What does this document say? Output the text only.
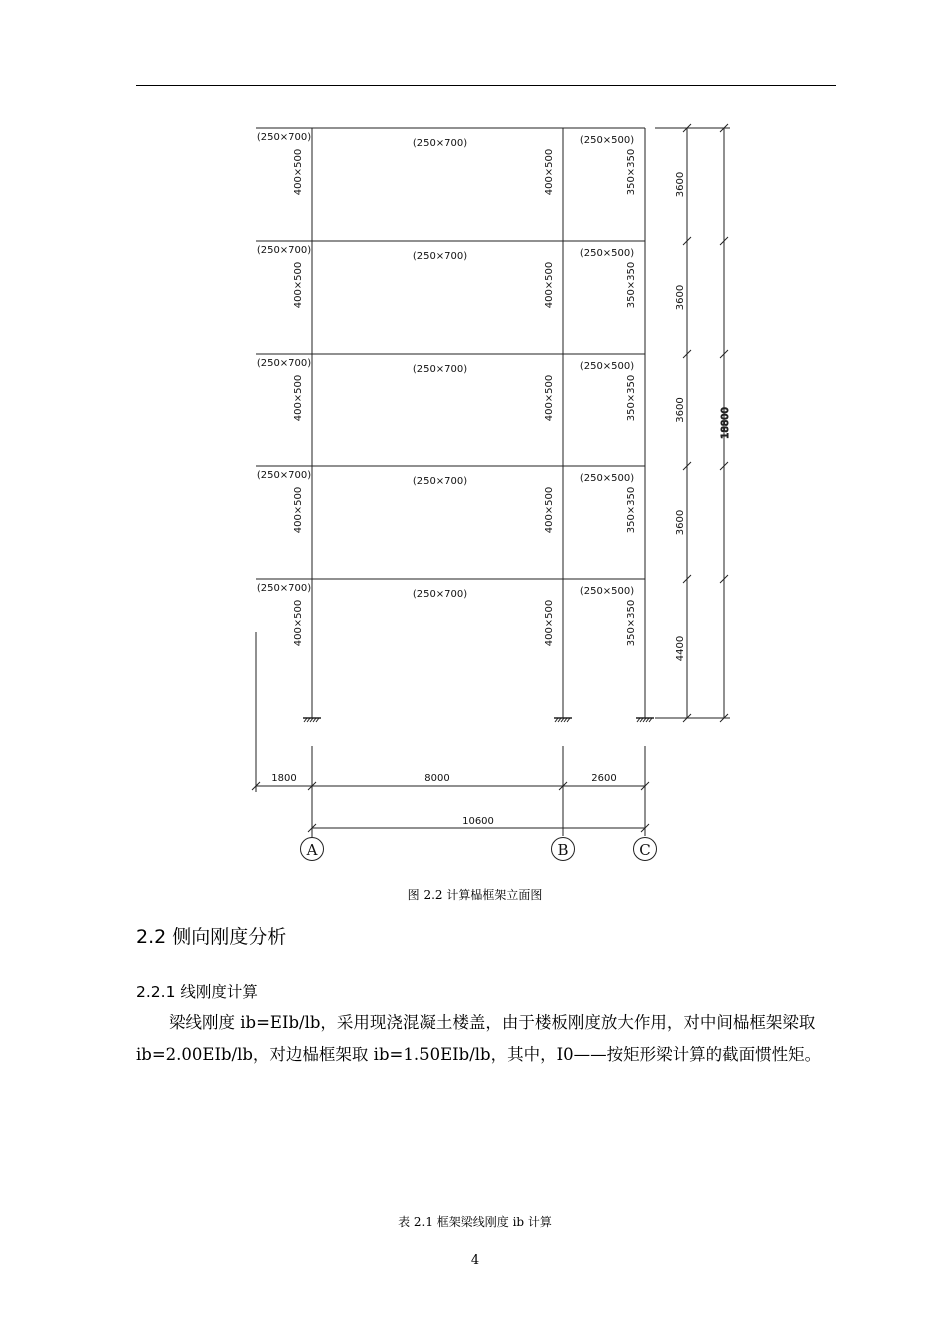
(250×700)
(250×700)	(250×500)
400×500	400×500	350×350
(250×700)
(250×700)	(250×500)
400×500	400×500	350×350
(250×700)
(250×700)	(250×500)
400×500	400×500	350×350
(250×700)
(250×700)	(250×500)
400×500	400×500	350×350
(250×700)
(250×700)	(250×500)
400×500	400×500	350×350
18800
3600
3600
3600
3600
4400
1800	8000	2600
10600
A	B	C
图 2.2 计算榀框架立面图
2.2 侧向刚度分析
2.2.1 线刚度计算
梁线刚度 ib=EIb/lb，采用现浇混凝土楼盖，由于楼板刚度放大作用，对中间榀框架梁取 ib=2.00EIb/lb，对边榀框架取 ib=1.50EIb/lb，其中，I0——按矩形梁计算的截面惯性矩。
表 2.1 框架梁线刚度 ib 计算
4
